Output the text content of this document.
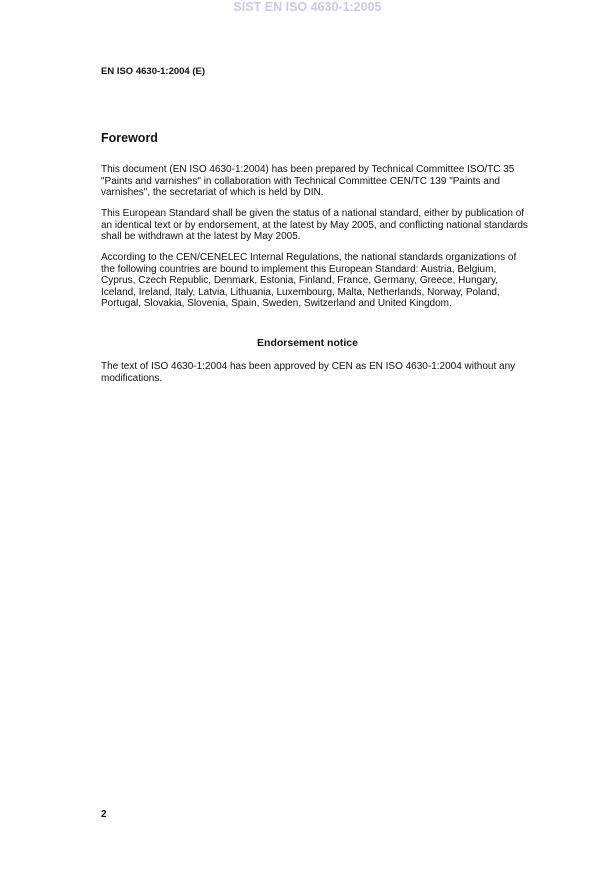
SIST EN ISO 4630-1:2005
EN ISO 4630-1:2004 (E)
Foreword
This document (EN ISO 4630-1:2004) has been prepared by Technical Committee ISO/TC 35
"Paints and varnishes" in collaboration with Technical Committee CEN/TC 139 "Paints and
varnishes", the secretariat of which is held by DIN.
This European Standard shall be given the status of a national standard, either by publication of
an identical text or by endorsement, at the latest by May 2005, and conflicting national standards
shall be withdrawn at the latest by May 2005.
According to the CEN/CENELEC Internal Regulations, the national standards organizations of
the following countries are bound to implement this European Standard: Austria, Belgium,
Cyprus, Czech Republic, Denmark, Estonia, Finland, France, Germany, Greece, Hungary,
Iceland, Ireland, Italy, Latvia, Lithuania, Luxembourg, Malta, Netherlands, Norway, Poland,
Portugal, Slovakia, Slovenia, Spain, Sweden, Switzerland and United Kingdom.
Endorsement notice
The text of ISO 4630-1:2004 has been approved by CEN as EN ISO 4630-1:2004 without any
modifications.
2
